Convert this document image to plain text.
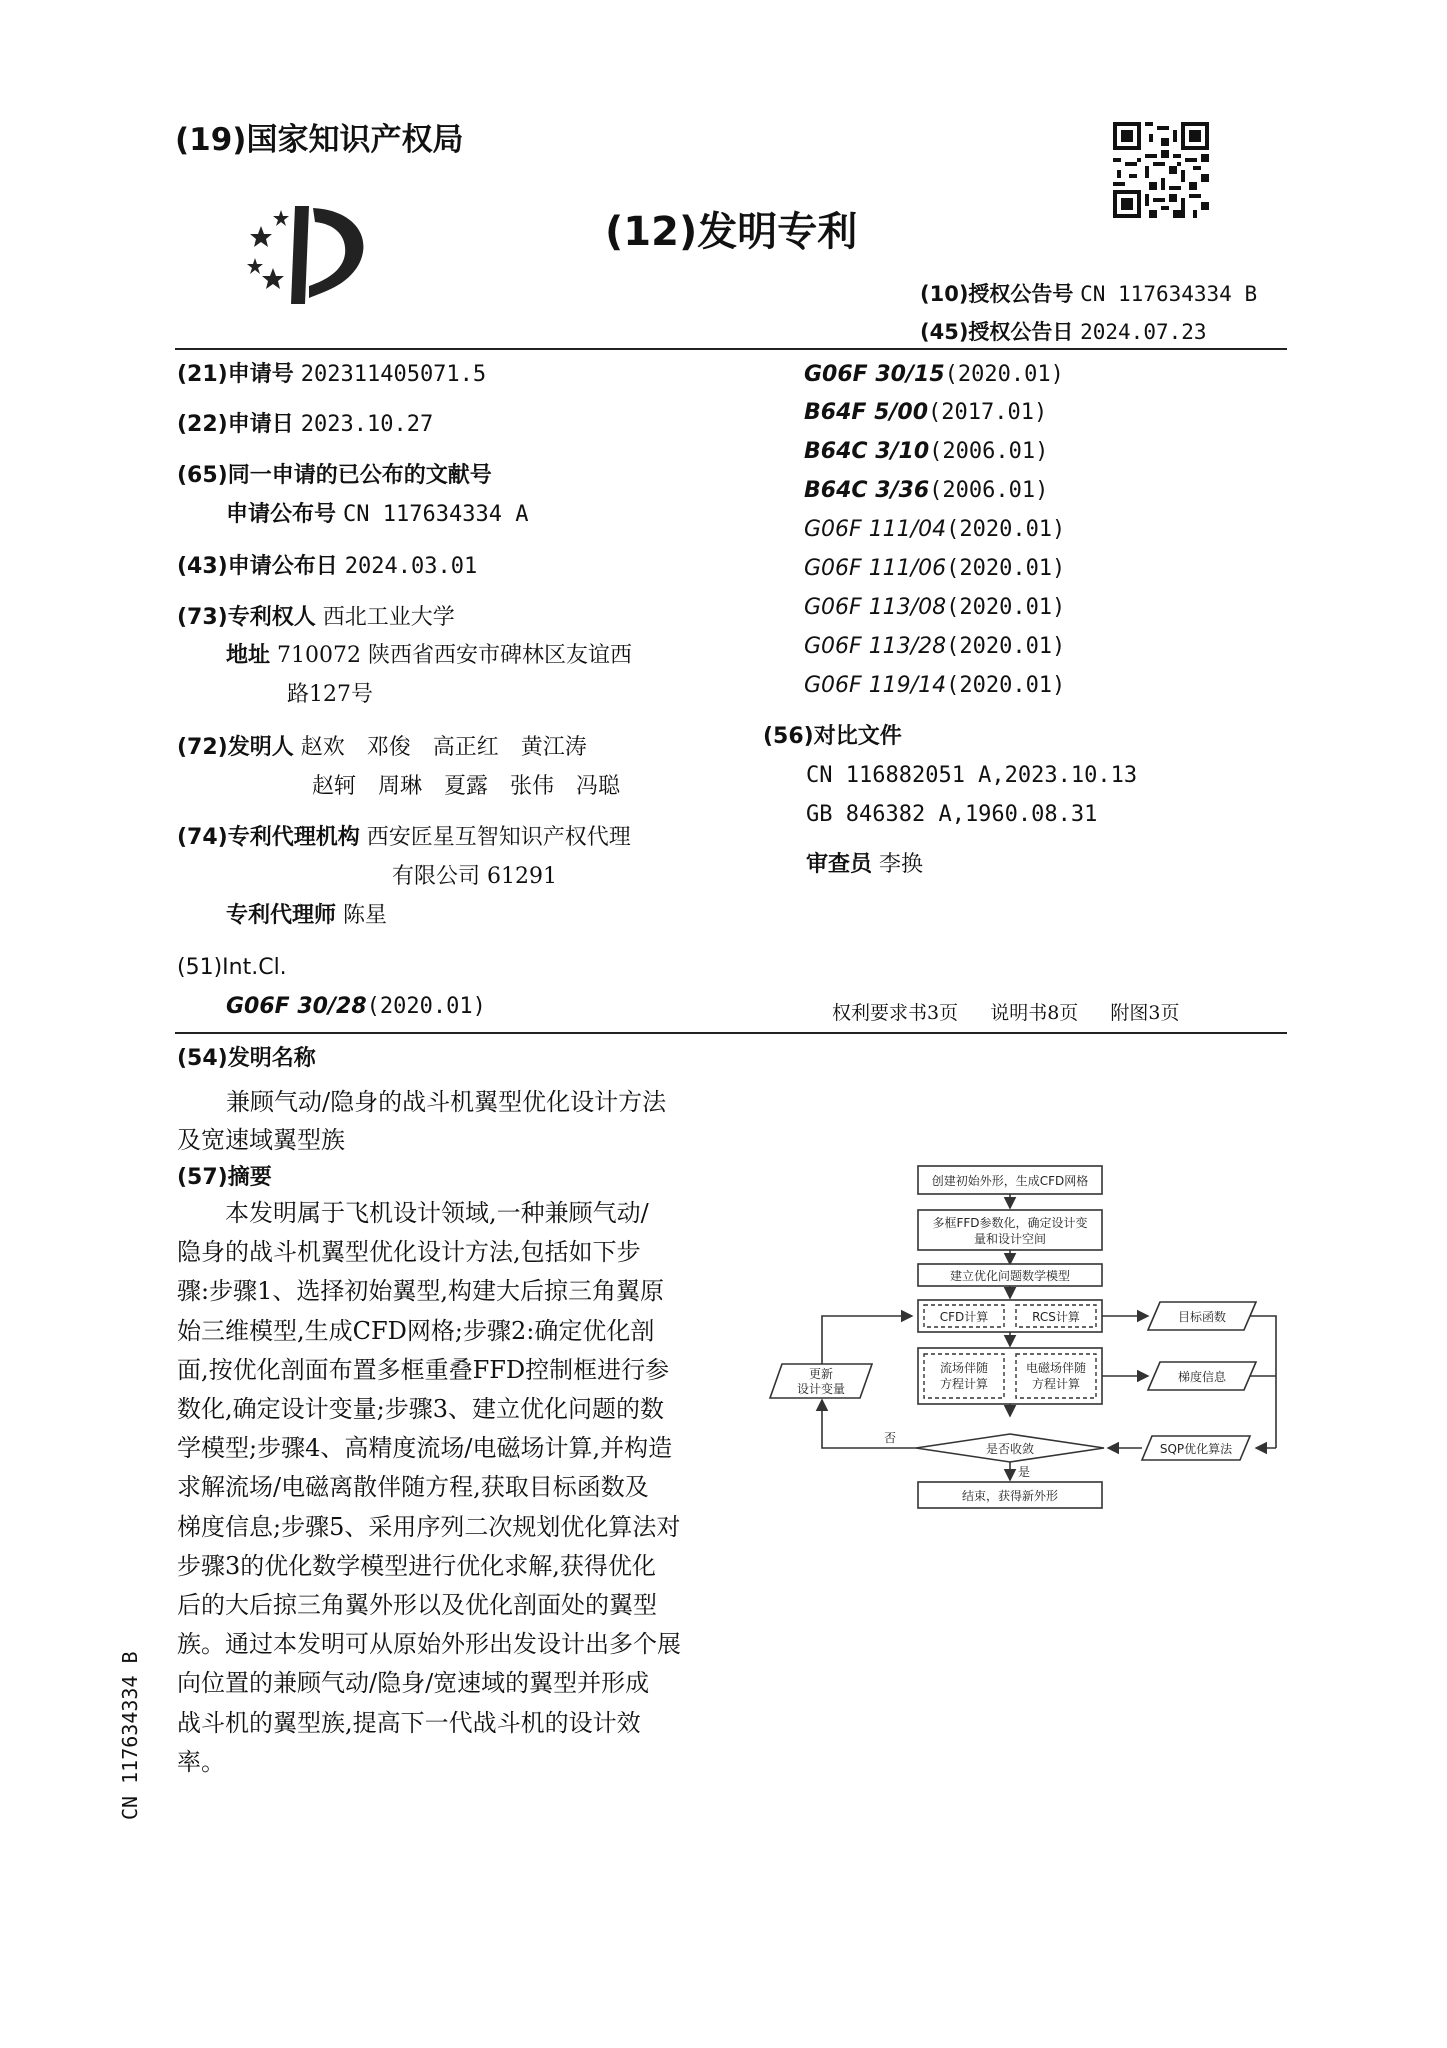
(19)国家知识产权局
(12)发明专利
(10)授权公告号 CN 117634334 B
(45)授权公告日 2024.07.23
(21)申请号 202311405071.5
(22)申请日 2023.10.27
(65)同一申请的已公布的文献号
申请公布号 CN 117634334 A
(43)申请公布日 2024.03.01
(73)专利权人 西北工业大学
地址 710072 陕西省西安市碑林区友谊西
路127号
(72)发明人 赵欢　邓俊　高正红　黄江涛
赵轲　周琳　夏露　张伟　冯聪
(74)专利代理机构 西安匠星互智知识产权代理
有限公司 61291
专利代理师 陈星
(51)Int.Cl.
G06F 30/28(2020.01)
G06F 30/15(2020.01)
B64F 5/00(2017.01)
B64C 3/10(2006.01)
B64C 3/36(2006.01)
G06F 111/04(2020.01)
G06F 111/06(2020.01)
G06F 113/08(2020.01)
G06F 113/28(2020.01)
G06F 119/14(2020.01)
(56)对比文件
CN 116882051 A,2023.10.13
GB 846382 A,1960.08.31
审查员 李换
权利要求书3页 说明书8页 附图3页
(54)发明名称
兼顾气动/隐身的战斗机翼型优化设计方法
及宽速域翼型族
(57)摘要

本发明属于飞机设计领域,一种兼顾气动/

隐身的战斗机翼型优化设计方法,包括如下步

骤:步骤1、选择初始翼型,构建大后掠三角翼原

始三维模型,生成CFD网格;步骤2:确定优化剖

面,按优化剖面布置多框重叠FFD控制框进行参

数化,确定设计变量;步骤3、建立优化问题的数

学模型;步骤4、高精度流场/电磁场计算,并构造

求解流场/电磁离散伴随方程,获取目标函数及

梯度信息;步骤5、采用序列二次规划优化算法对

步骤3的优化数学模型进行优化求解,获得优化

后的大后掠三角翼外形以及优化剖面处的翼型

族。通过本发明可从原始外形出发设计出多个展

向位置的兼顾气动/隐身/宽速域的翼型并形成

战斗机的翼型族,提高下一代战斗机的设计效

率。

CN 117634334 B
创建初始外形，生成CFD网格
多框FFD参数化，确定设计变
量和设计空间
建立优化问题数学模型
CFD计算	RCS计算
流场伴随
方程计算
电磁场伴随
方程计算
目标函数
梯度信息
SQP优化算法
是否收敛
否
更新
设计变量
是
结束，获得新外形
